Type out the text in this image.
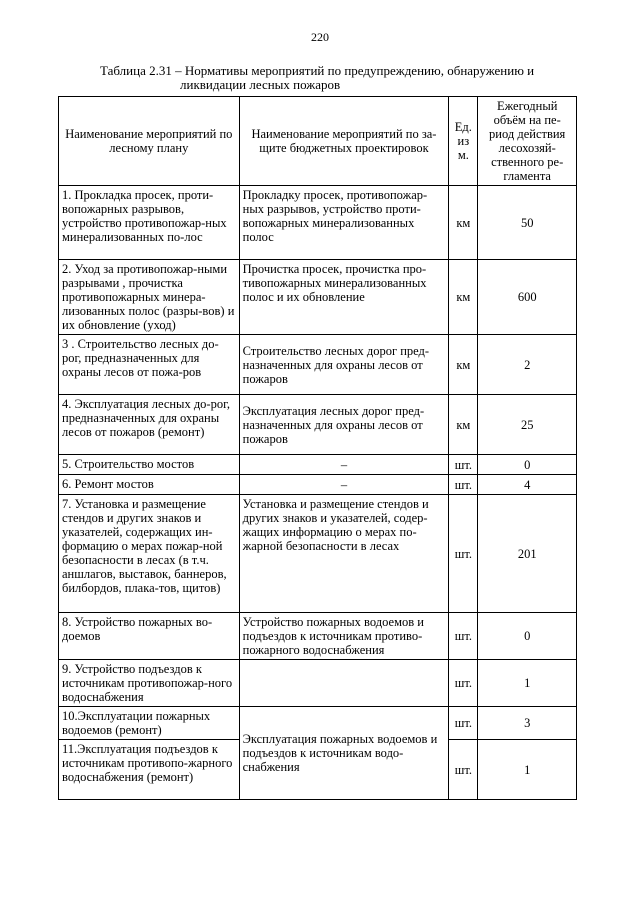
220
Таблица 2.31 – Нормативы мероприятий по предупреждению, обнаружению и
ликвидации лесных пожаров
Наименование мероприятий по лесному плану	Наименование мероприятий по за-щите бюджетных проектировок	Ед. из м.	Ежегодный объём на пе-риод действия лесохозяй-ственного ре-гламента
1. Прокладка просек, проти-вопожарных разрывов, устройство противопожар-ных минерализованных по-лос	Прокладку просек, противопожар-ных разрывов, устройство проти-вопожарных минерализованных полос	км	50
2. Уход за противопожар-ными разрывами , прочистка противопожарных минера-лизованных полос (разры-вов) и их обновление (уход)	Прочистка просек, прочистка про-тивопожарных минерализованных полос и их обновление	км	600
3 . Строительство лесных до-рог, предназначенных для охраны лесов от пожа-ров	Строительство лесных дорог пред-назначенных для охраны лесов от пожаров	км	2
4. Эксплуатация лесных до-рог, предназначенных для охраны лесов от пожаров (ремонт)	Эксплуатация лесных дорог пред-назначенных для охраны лесов от пожаров	км	25
5. Строительство мостов	–	шт.	0
6. Ремонт мостов	–	шт.	4
7. Установка и размещение стендов и других знаков и указателей, содержащих ин-формацию о мерах пожар-ной безопасности в лесах (в т.ч. аншлагов, выставок, баннеров, билбордов, плака-тов, щитов)	Установка и размещение стендов и других знаков и указателей, содер-жащих информацию о мерах по-жарной безопасности в лесах	шт.	201
8. Устройство пожарных во-доемов	Устройство пожарных водоемов и подъездов к источникам противо-пожарного водоснабжения	шт.	0
9. Устройство подъездов к источникам противопожар-ного водоснабжения		шт.	1
10.Эксплуатации пожарных водоемов (ремонт)	Эксплуатация пожарных водоемов и подъездов к источникам водо-снабжения	шт.	3
11.Эксплуатация подъездов к источникам противопо-жарного водоснабжения (ремонт)		шт.	1
